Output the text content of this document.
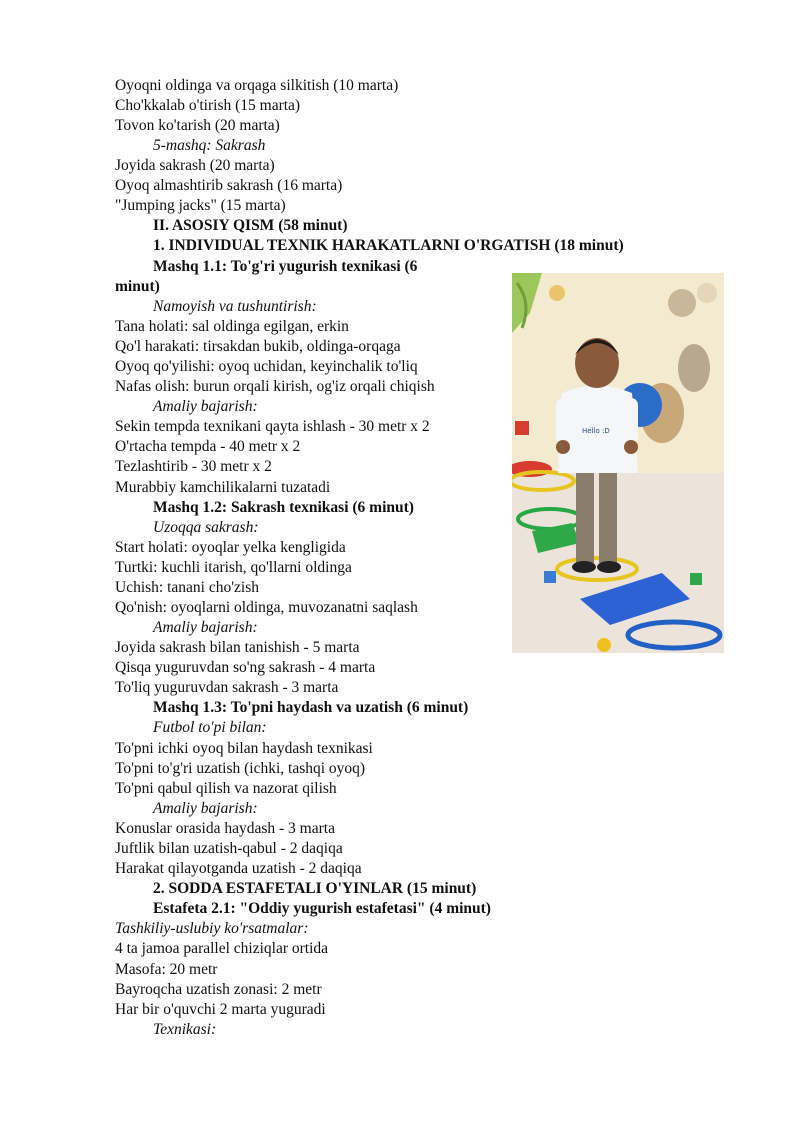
Oyoqni oldinga va orqaga silkitish (10 marta)
Cho'kkalab o'tirish (15 marta)
Tovon ko'tarish (20 marta)
5-mashq: Sakrash
Joyida sakrash (20 marta)
Oyoq almashtirib sakrash (16 marta)
"Jumping jacks" (15 marta)
II. ASOSIY QISM (58 minut)
1. INDIVIDUAL TEXNIK HARAKATLARNI O'RGATISH (18 minut)
Mashq 1.1: To'g'ri yugurish texnikasi (6
minut)
Namoyish va tushuntirish:
Tana holati: sal oldinga egilgan, erkin
Qo'l harakati: tirsakdan bukib, oldinga-orqaga
Oyoq qo'yilishi: oyoq uchidan, keyinchalik to'liq
Nafas olish: burun orqali kirish, og'iz orqali chiqish
Amaliy bajarish:
Sekin tempda texnikani qayta ishlash - 30 metr x 2
O'rtacha tempda - 40 metr x 2
Tezlashtirib - 30 metr x 2
Murabbiy kamchilikalarni tuzatadi
Mashq 1.2: Sakrash texnikasi (6 minut)
Uzoqqa sakrash:
Start holati: oyoqlar yelka kengligida
Turtki: kuchli itarish, qo'llarni oldinga
Uchish: tanani cho'zish
Qo'nish: oyoqlarni oldinga, muvozanatni saqlash
Amaliy bajarish:
Joyida sakrash bilan tanishish - 5 marta
Qisqa yuguruvdan so'ng sakrash - 4 marta
To'liq yuguruvdan sakrash - 3 marta
Mashq 1.3: To'pni haydash va uzatish (6 minut)
Futbol to'pi bilan:
To'pni ichki oyoq bilan haydash texnikasi
To'pni to'g'ri uzatish (ichki, tashqi oyoq)
To'pni qabul qilish va nazorat qilish
Amaliy bajarish:
Konuslar orasida haydash - 3 marta
Juftlik bilan uzatish-qabul - 2 daqiqa
Harakat qilayotganda uzatish - 2 daqiqa
2. SODDA ESTAFETALI O'YINLAR (15 minut)
Estafeta 2.1: "Oddiy yugurish estafetasi" (4 minut)
Tashkiliy-uslubiy ko'rsatmalar:
4 ta jamoa parallel chiziqlar ortida
Masofa: 20 metr
Bayroqcha uzatish zonasi: 2 metr
Har bir o'quvchi 2 marta yuguradi
Texnikasi:
Hello :D
